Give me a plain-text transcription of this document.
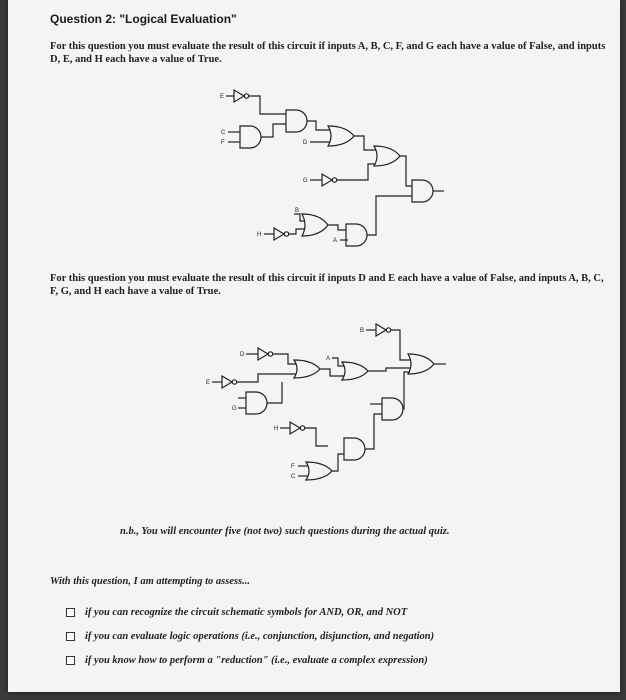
Question 2: "Logical Evaluation"
For this question you must evaluate the result of this circuit if inputs A, B, C, F, and G each have a value of False, and inputs D, E, and H each have a value of True.
E
C
F	D
G
H
B
A
For this question you must evaluate the result of this circuit if inputs D and E each have a value of False, and inputs A, B, C, F, G, and H each have a value of True.
B
D
A
E
G
H
F
C
n.b., You will encounter five (not two) such questions during the actual quiz.
With this question, I am attempting to assess...
if you can recognize the circuit schematic symbols for AND, OR, and NOT
if you can evaluate logic operations (i.e., conjunction, disjunction, and negation)
if you know how to perform a "reduction" (i.e., evaluate a complex expression)
